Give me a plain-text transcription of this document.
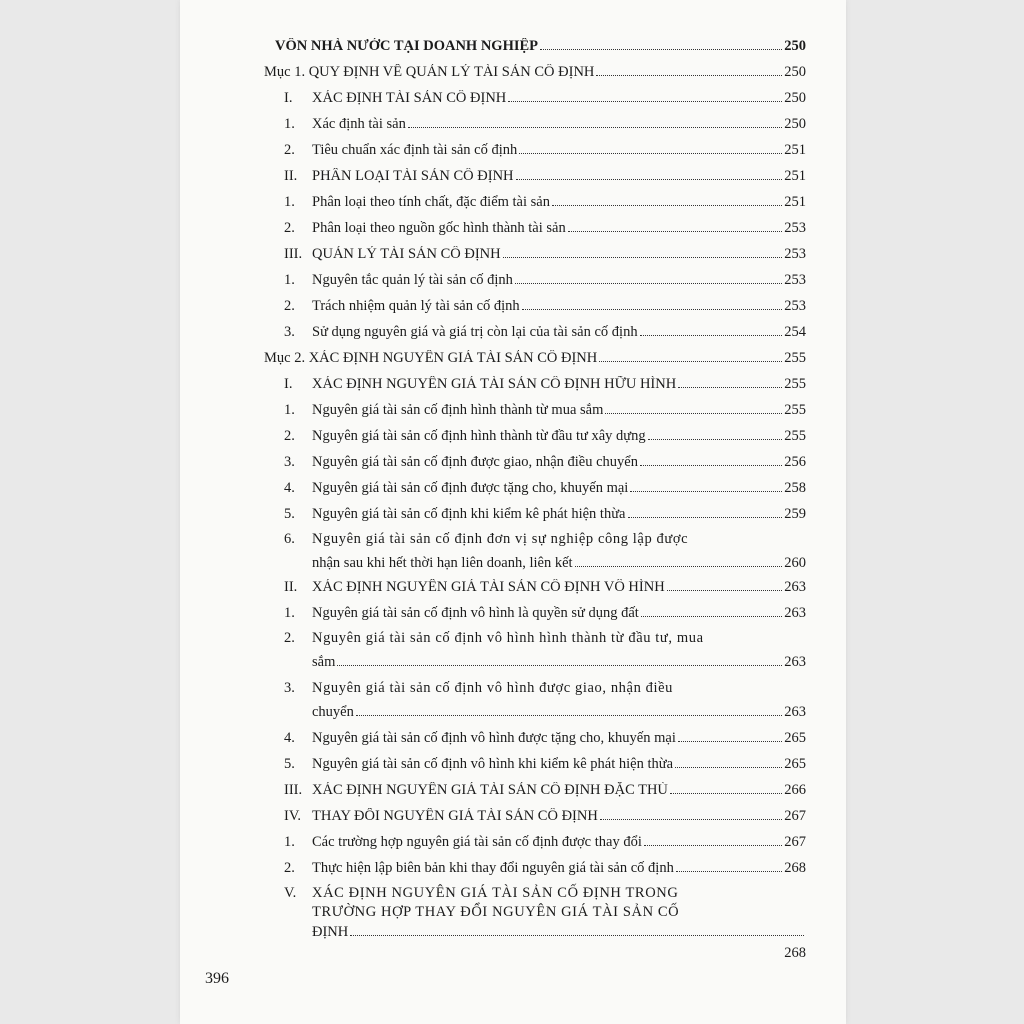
VỐN NHÀ NƯỚC TẠI DOANH NGHIỆP	250
Mục 1. QUY ĐỊNH VỀ QUẢN LÝ TÀI SẢN CỐ ĐỊNH	250
I.	XÁC ĐỊNH TÀI SẢN CỐ ĐỊNH	250
1.	Xác định tài sản	250
2.	Tiêu chuẩn xác định tài sản cố định	251
II.	PHÂN LOẠI TÀI SẢN CỐ ĐỊNH	251
1.	Phân loại theo tính chất, đặc điểm tài sản	251
2.	Phân loại theo nguồn gốc hình thành tài sản	253
III. QUẢN LÝ TÀI SẢN CỐ ĐỊNH	253
1.	Nguyên tắc quản lý tài sản cố định	253
2.	Trách nhiệm quản lý tài sản cố định	253
3.	Sử dụng nguyên giá và giá trị còn lại của tài sản cố định	254
Mục 2. XÁC ĐỊNH NGUYÊN GIÁ TÀI SẢN CỐ ĐỊNH	255
I.	XÁC ĐỊNH NGUYÊN GIÁ TÀI SẢN CỐ ĐỊNH HỮU HÌNH	255
1.	Nguyên giá tài sản cố định hình thành từ mua sắm	255
2.	Nguyên giá tài sản cố định hình thành từ đầu tư xây dựng	255
3.	Nguyên giá tài sản cố định được giao, nhận điều chuyển	256
4.	Nguyên giá tài sản cố định được tặng cho, khuyến mại	258
5.	Nguyên giá tài sản cố định khi kiểm kê phát hiện thừa	259
6.	Nguyên giá tài sản cố định đơn vị sự nghiệp công lập được
nhận sau khi hết thời hạn liên doanh, liên kết	260
II.	XÁC ĐỊNH NGUYÊN GIÁ TÀI SẢN CỐ ĐỊNH VÔ HÌNH	263
1.	Nguyên giá tài sản cố định vô hình là quyền sử dụng đất	263
2.	Nguyên giá tài sản cố định vô hình hình thành từ đầu tư, mua
sắm	263
3.	Nguyên giá tài sản cố định vô hình được giao, nhận điều
chuyển	263
4.	Nguyên giá tài sản cố định vô hình được tặng cho, khuyến mại	265
5.	Nguyên giá tài sản cố định vô hình khi kiểm kê phát hiện thừa	265
III. XÁC ĐỊNH NGUYÊN GIÁ TÀI SẢN CỐ ĐỊNH ĐẶC THÙ	266
IV. THAY ĐỔI NGUYÊN GIÁ TÀI SẢN CỐ ĐỊNH	267
1.	Các trường hợp nguyên giá tài sản cố định được thay đổi	267
2.	Thực hiện lập biên bản khi thay đổi nguyên giá tài sản cố định	268
V.	XÁC ĐỊNH NGUYÊN GIÁ TÀI SẢN CỐ ĐỊNH TRONG
TRƯỜNG HỢP THAY ĐỔI NGUYÊN GIÁ TÀI SẢN CỐ
ĐỊNH
268
396
